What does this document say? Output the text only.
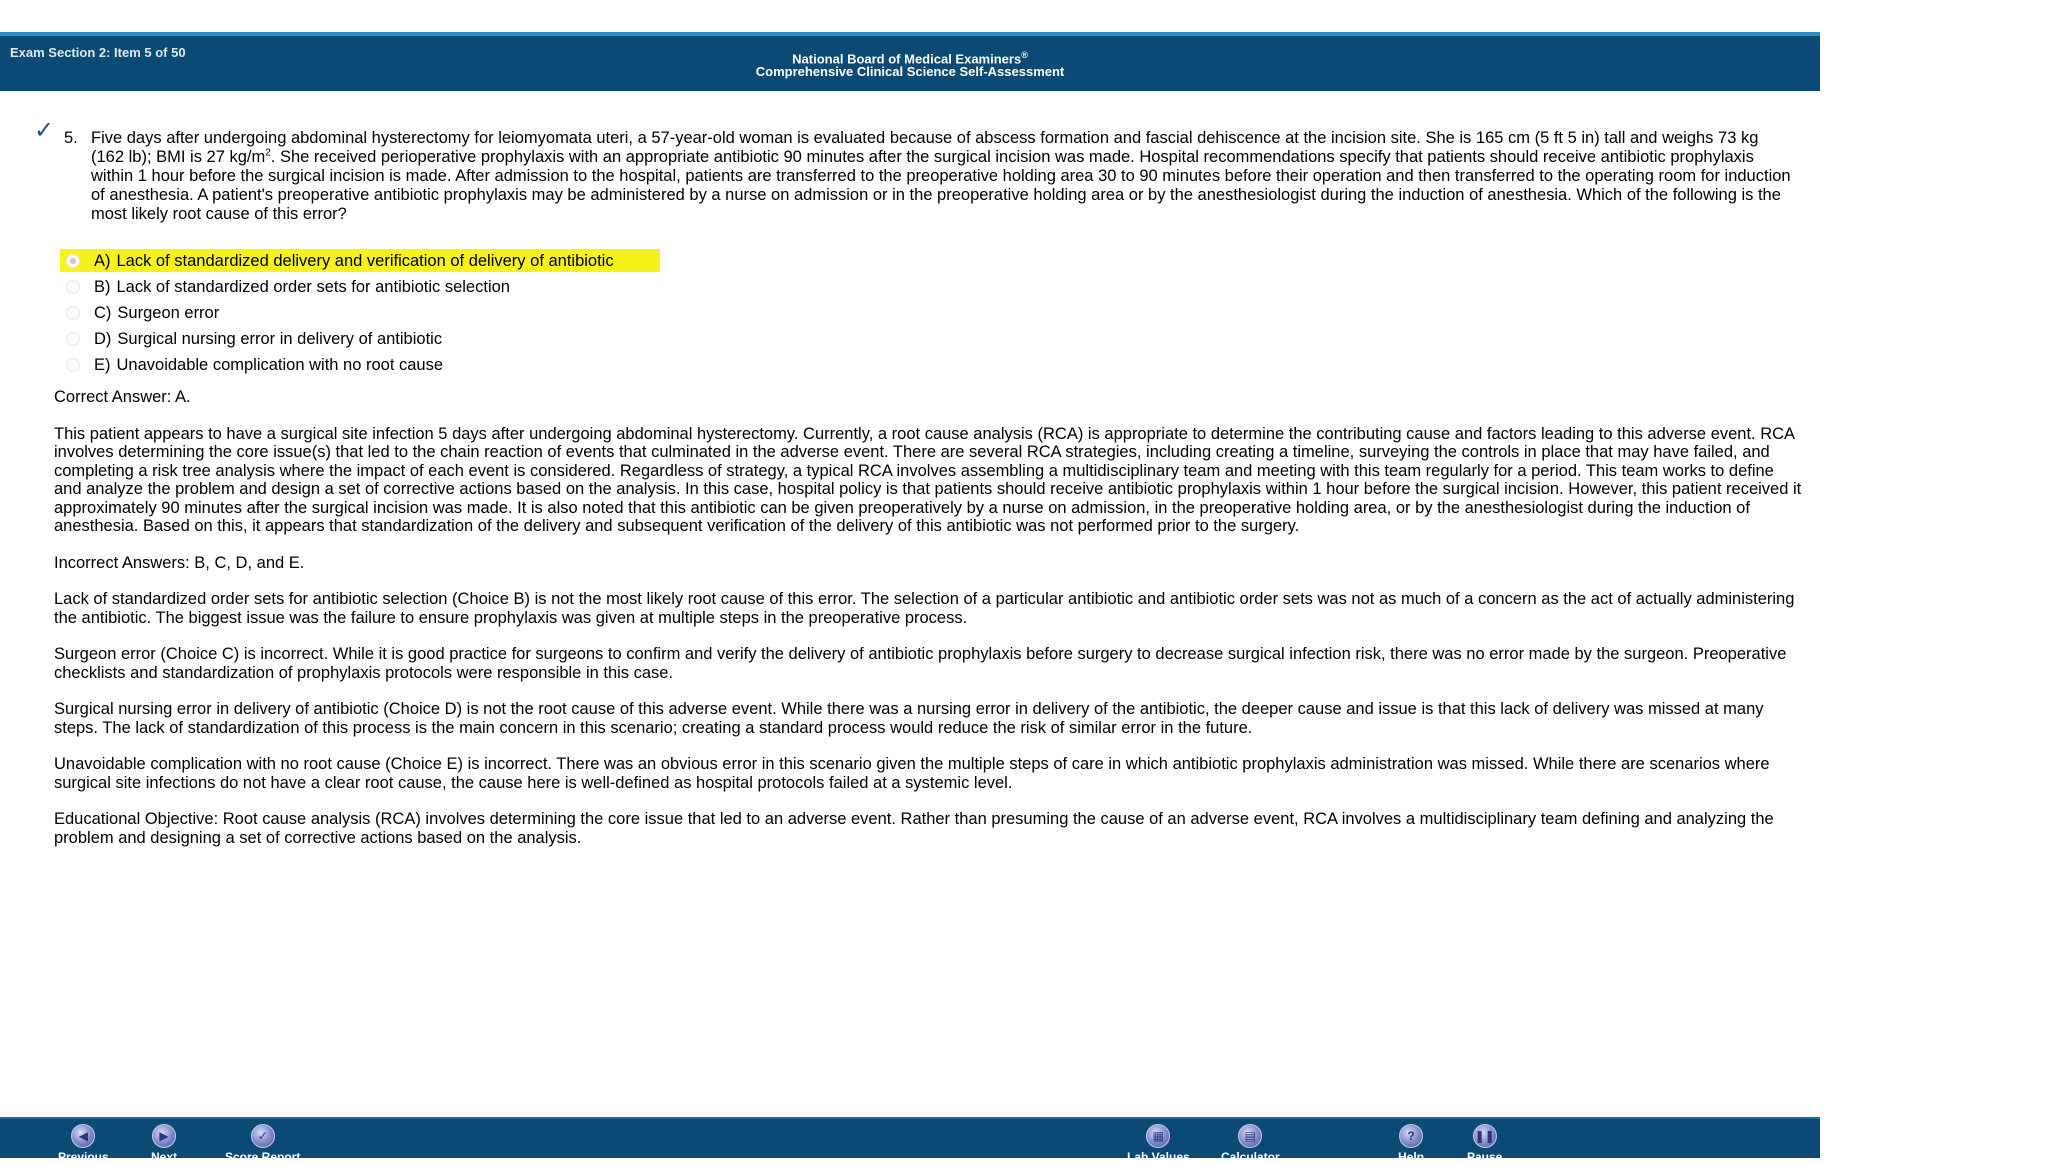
Exam Section 2: Item 5 of 50	National Board of Medical Examiners®
Comprehensive Clinical Science Self-Assessment
✓ 5. Five days after undergoing abdominal hysterectomy for leiomyomata uteri, a 57-year-old woman is evaluated because of abscess formation and fascial dehiscence at the incision site. She is 165 cm (5 ft 5 in) tall and weighs 73 kg (162 lb); BMI is 27 $kg/m^2$. She received perioperative prophylaxis with an appropriate antibiotic 90 minutes after the surgical incision was made. Hospital recommendations specify that patients should receive antibiotic prophylaxis within 1 hour before the surgical incision is made. After admission to the hospital, patients are transferred to the preoperative holding area 30 to 90 minutes before their operation and then transferred to the operating room for induction of anesthesia. A patient's preoperative antibiotic prophylaxis may be administered by a nurse on admission or in the preoperative holding area or by the anesthesiologist during the induction of anesthesia. Which of the following is the most likely root cause of this error?
A) Lack of standardized delivery and verification of delivery of antibiotic
B) Lack of standardized order sets for antibiotic selection
C) Surgeon error
D) Surgical nursing error in delivery of antibiotic
E) Unavoidable complication with no root cause

Correct Answer: A.

This patient appears to have a surgical site infection 5 days after undergoing abdominal hysterectomy. Currently, a root cause analysis (RCA) is appropriate to determine the contributing cause and factors leading to this adverse event. RCA involves determining the core issue(s) that led to the chain reaction of events that culminated in the adverse event. There are several RCA strategies, including creating a timeline, surveying the controls in place that may have failed, and completing a risk tree analysis where the impact of each event is considered. Regardless of strategy, a typical RCA involves assembling a multidisciplinary team and meeting with this team regularly for a period. This team works to define and analyze the problem and design a set of corrective actions based on the analysis. In this case, hospital policy is that patients should receive antibiotic prophylaxis within 1 hour before the surgical incision. However, this patient received it approximately 90 minutes after the surgical incision was made. It is also noted that this antibiotic can be given preoperatively by a nurse on admission, in the preoperative holding area, or by the anesthesiologist during the induction of anesthesia. Based on this, it appears that standardization of the delivery and subsequent verification of the delivery of this antibiotic was not performed prior to the surgery.

Incorrect Answers: B, C, D, and E.

Lack of standardized order sets for antibiotic selection (Choice B) is not the most likely root cause of this error. The selection of a particular antibiotic and antibiotic order sets was not as much of a concern as the act of actually administering the antibiotic. The biggest issue was the failure to ensure prophylaxis was given at multiple steps in the preoperative process.

Surgeon error (Choice C) is incorrect. While it is good practice for surgeons to confirm and verify the delivery of antibiotic prophylaxis before surgery to decrease surgical infection risk, there was no error made by the surgeon. Preoperative checklists and standardization of prophylaxis protocols were responsible in this case.

Surgical nursing error in delivery of antibiotic (Choice D) is not the root cause of this adverse event. While there was a nursing error in delivery of the antibiotic, the deeper cause and issue is that this lack of delivery was missed at many steps. The lack of standardization of this process is the main concern in this scenario; creating a standard process would reduce the risk of similar error in the future.

Unavoidable complication with no root cause (Choice E) is incorrect. There was an obvious error in this scenario given the multiple steps of care in which antibiotic prophylaxis administration was missed. While there are scenarios where surgical site infections do not have a clear root cause, the cause here is well-defined as hospital protocols failed at a systemic level.

Educational Objective: Root cause analysis (RCA) involves determining the core issue that led to an adverse event. Rather than presuming the cause of an adverse event, RCA involves a multidisciplinary team defining and analyzing the problem and designing a set of corrective actions based on the analysis.

◀
Previous
▶
Next
✓
Score Report
▦
Lab Values
▤
Calculator
?
Help
❚❚
Pause
